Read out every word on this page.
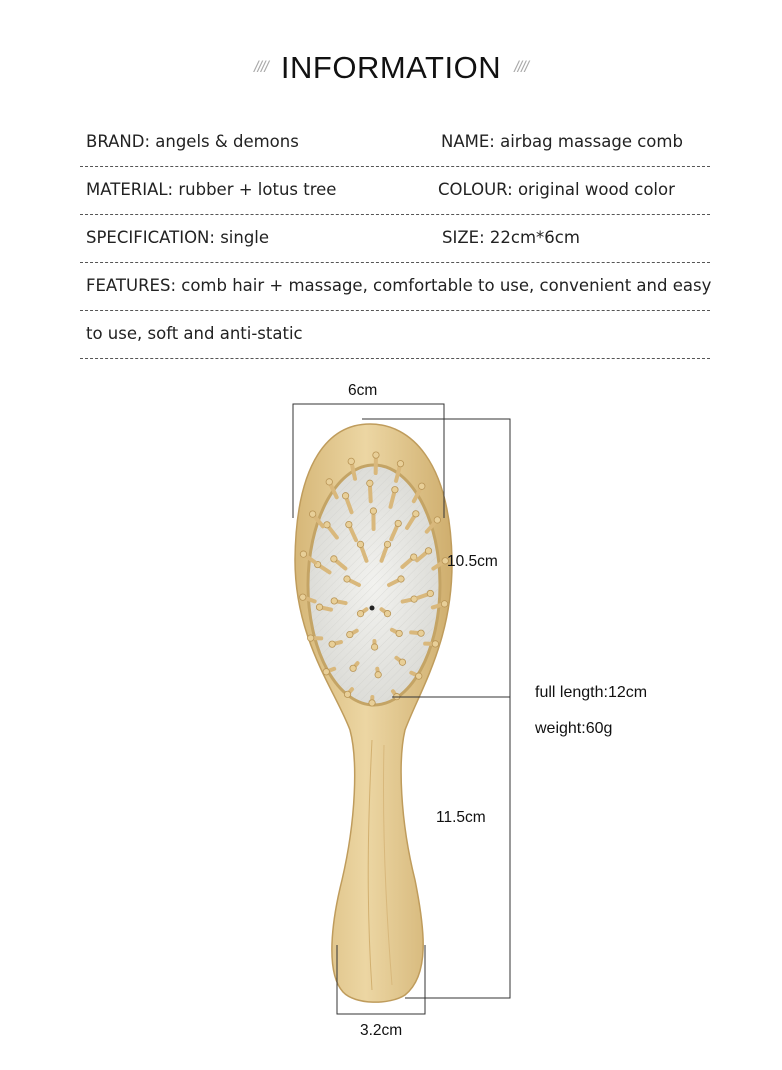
//// INFORMATION ////
BRAND: angels & demons	NAME: airbag massage comb
MATERIAL: rubber + lotus tree	COLOUR: original wood color
SPECIFICATION: single	SIZE: 22cm*6cm
FEATURES: comb hair + massage, comfortable to use, convenient and easy
to use, soft and anti-static
6cm
10.5cm
11.5cm
3.2cm
full length:12cm
weight:60g
